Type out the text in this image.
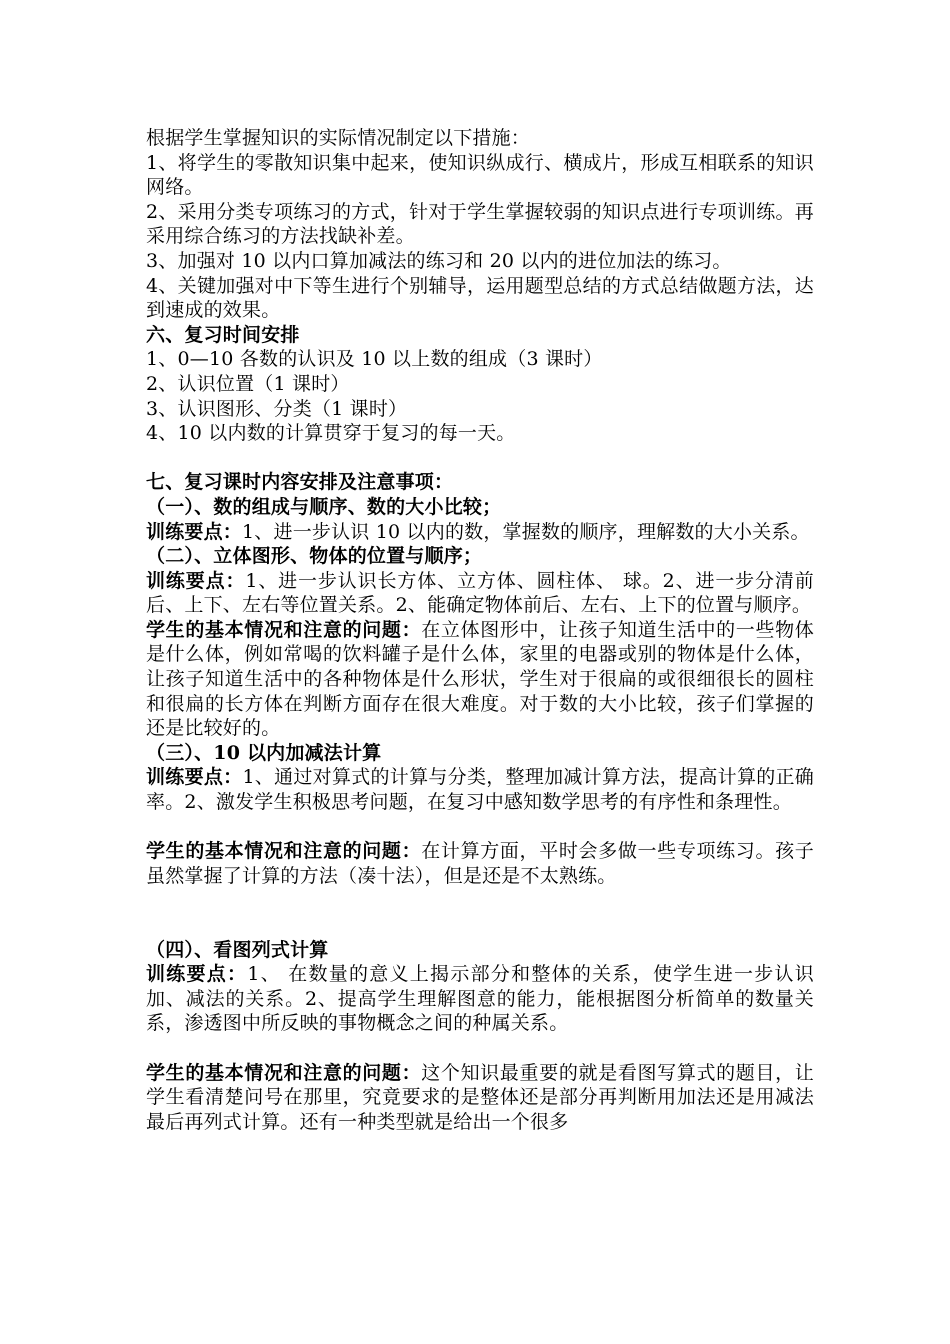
根据学生掌握知识的实际情况制定以下措施：

1、将学生的零散知识集中起来，使知识纵成行、横成片，形成互相联系的知识网络。

2、采用分类专项练习的方式，针对于学生掌握较弱的知识点进行专项训练。再采用综合练习的方法找缺补差。

3、加强对 10 以内口算加减法的练习和 20 以内的进位加法的练习。

4、关键加强对中下等生进行个别辅导，运用题型总结的方式总结做题方法，达到速成的效果。

六、复习时间安排

1、0—10 各数的认识及 10 以上数的组成（3 课时）

2、认识位置（1 课时）

3、认识图形、分类（1 课时）

4、10 以内数的计算贯穿于复习的每一天。

七、复习课时内容安排及注意事项：

（一）、数的组成与顺序、数的大小比较；

训练要点：1、进一步认识 10 以内的数，掌握数的顺序，理解数的大小关系。

（二）、立体图形、物体的位置与顺序；

训练要点：1、进一步认识长方体、立方体、圆柱体、 球。2、进一步分清前后、上下、左右等位置关系。2、能确定物体前后、左右、上下的位置与顺序。

学生的基本情况和注意的问题：在立体图形中，让孩子知道生活中的一些物体是什么体，例如常喝的饮料罐子是什么体，家里的电器或别的物体是什么体，让孩子知道生活中的各种物体是什么形状，学生对于很扁的或很细很长的圆柱和很扁的长方体在判断方面存在很大难度。对于数的大小比较，孩子们掌握的还是比较好的。

（三）、10 以内加减法计算

训练要点：1、通过对算式的计算与分类，整理加减计算方法，提高计算的正确率。2、激发学生积极思考问题，在复习中感知数学思考的有序性和条理性。

学生的基本情况和注意的问题：在计算方面，平时会多做一些专项练习。孩子虽然掌握了计算的方法（凑十法），但是还是不太熟练。

（四）、看图列式计算

训练要点：1、 在数量的意义上揭示部分和整体的关系，使学生进一步认识加、减法的关系。2、提高学生理解图意的能力，能根据图分析简单的数量关系，渗透图中所反映的事物概念之间的种属关系。

学生的基本情况和注意的问题：这个知识最重要的就是看图写算式的题目，让学生看清楚问号在那里，究竟要求的是整体还是部分再判断用加法还是用减法最后再列式计算。还有一种类型就是给出一个很多
